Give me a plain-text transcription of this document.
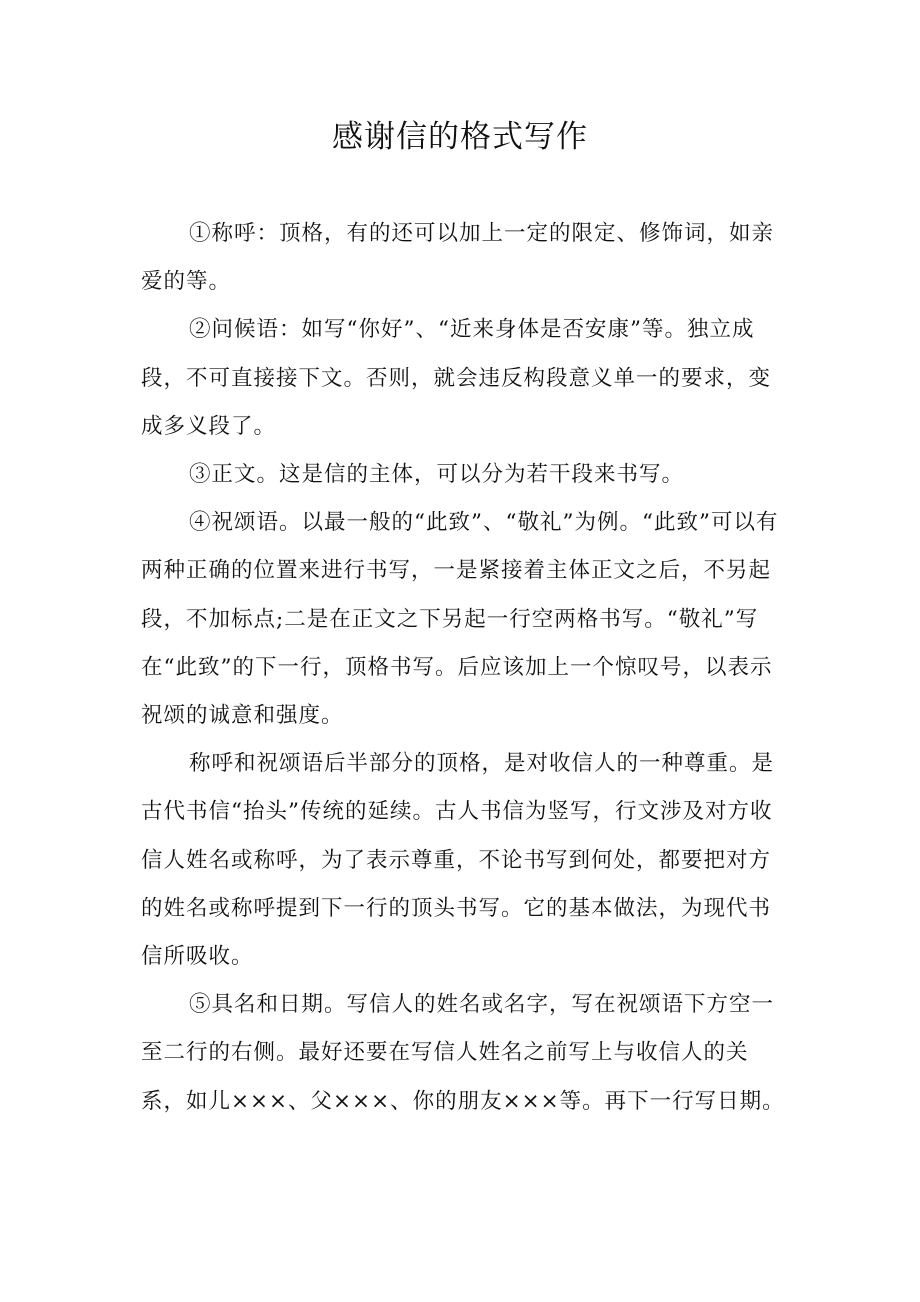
感谢信的格式写作

①称呼：顶格，有的还可以加上一定的限定、修饰词，如亲爱的等。

②问候语：如写“你好”、“近来身体是否安康”等。独立成段，不可直接接下文。否则，就会违反构段意义单一的要求，变成多义段了。

③正文。这是信的主体，可以分为若干段来书写。

④祝颂语。以最一般的“此致”、“敬礼”为例。“此致”可以有两种正确的位置来进行书写，一是紧接着主体正文之后，不另起段，不加标点;二是在正文之下另起一行空两格书写。“敬礼”写在“此致”的下一行，顶格书写。后应该加上一个惊叹号，以表示祝颂的诚意和强度。

称呼和祝颂语后半部分的顶格，是对收信人的一种尊重。是古代书信“抬头”传统的延续。古人书信为竖写，行文涉及对方收信人姓名或称呼，为了表示尊重，不论书写到何处，都要把对方的姓名或称呼提到下一行的顶头书写。它的基本做法，为现代书信所吸收。

⑤具名和日期。写信人的姓名或名字，写在祝颂语下方空一至二行的右侧。最好还要在写信人姓名之前写上与收信人的关系，如儿×××、父×××、你的朋友×××等。再下一行写日期。
